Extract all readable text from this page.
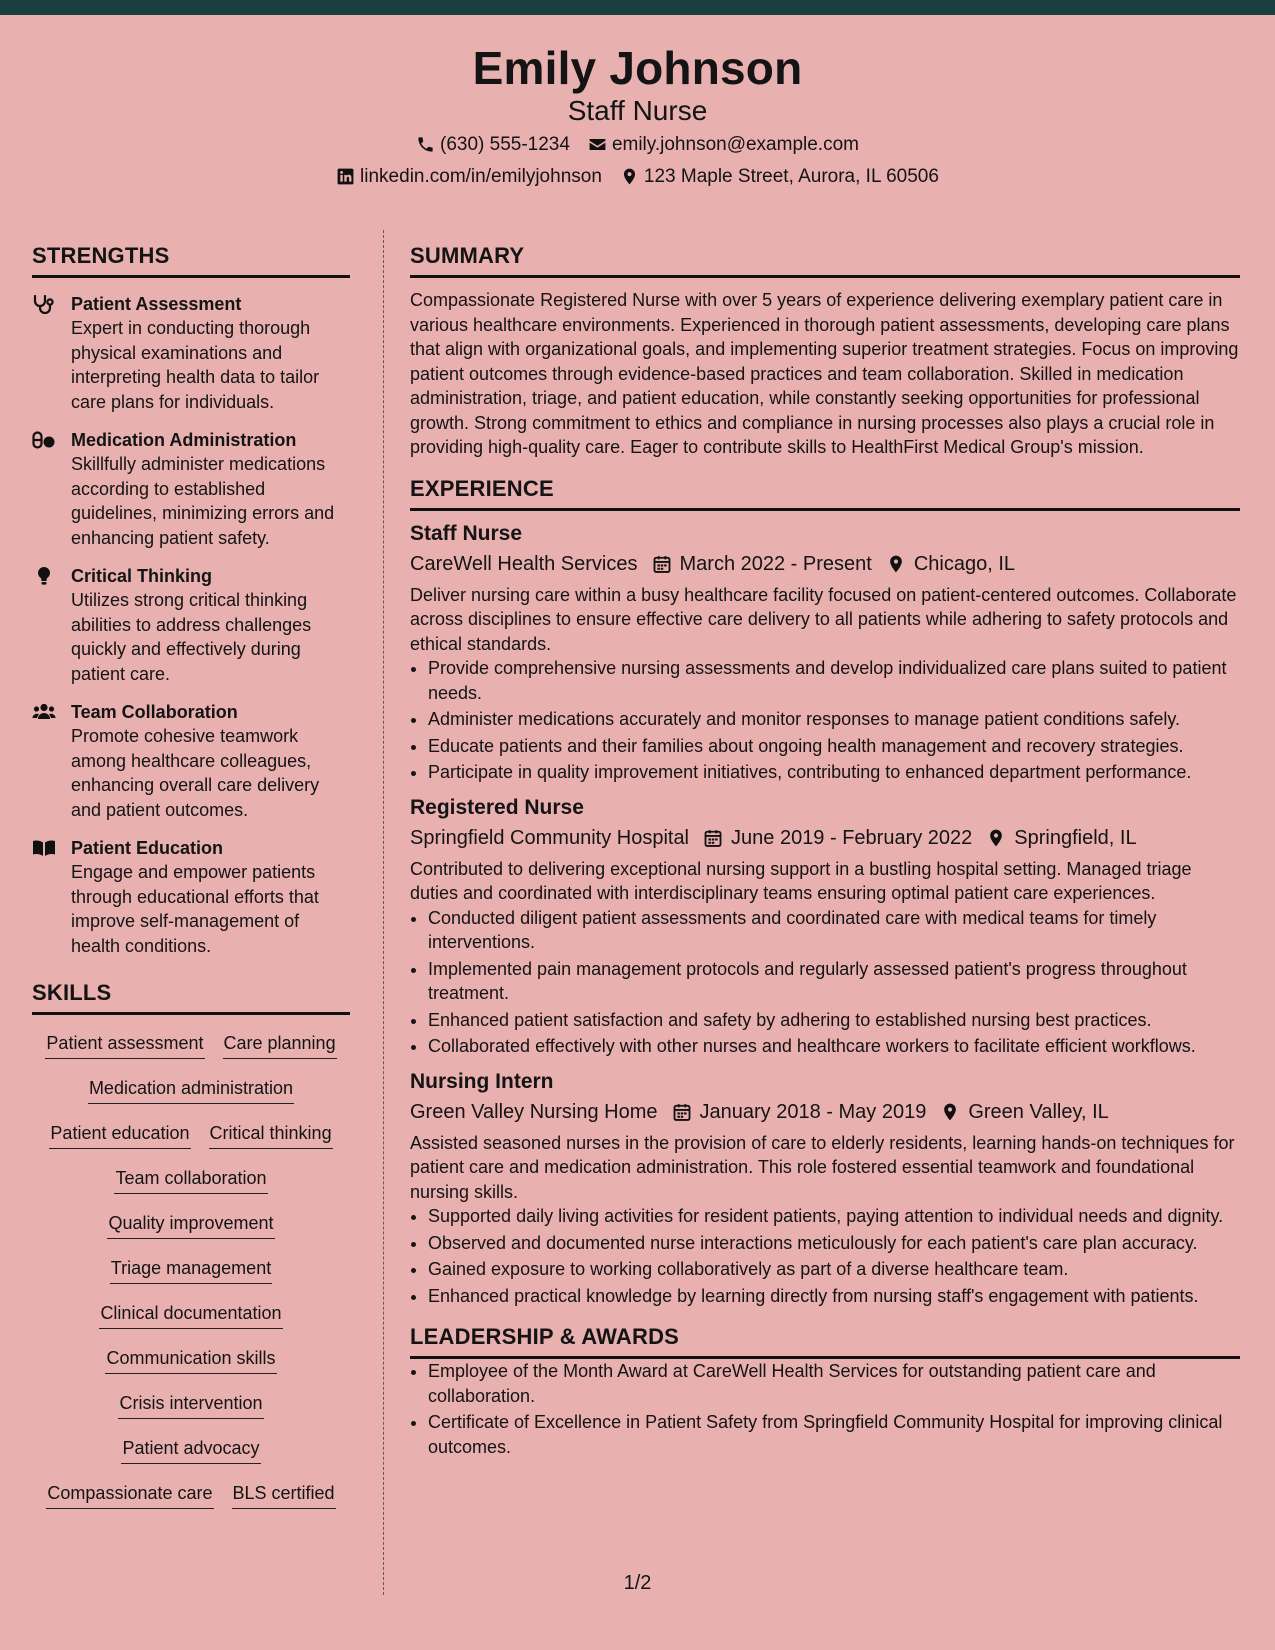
Emily Johnson
Staff Nurse
(630) 555-1234 emily.johnson@example.com
linkedin.com/in/emilyjohnson 123 Maple Street, Aurora, IL 60506
STRENGTHS
Patient Assessment
Expert in conducting thorough physical examinations and interpreting health data to tailor care plans for individuals.
Medication Administration
Skillfully administer medications according to established guidelines, minimizing errors and enhancing patient safety.
Critical Thinking
Utilizes strong critical thinking abilities to address challenges quickly and effectively during patient care.
Team Collaboration
Promote cohesive teamwork among healthcare colleagues, enhancing overall care delivery and patient outcomes.
Patient Education
Engage and empower patients through educational efforts that improve self-management of health conditions.
SKILLS
Patient assessment Care planning
Medication administration
Patient education Critical thinking
Team collaboration
Quality improvement
Triage management
Clinical documentation
Communication skills
Crisis intervention
Patient advocacy
Compassionate care BLS certified
SUMMARY

Compassionate Registered Nurse with over 5 years of experience delivering exemplary patient care in various healthcare environments. Experienced in thorough patient assessments, developing care plans that align with organizational goals, and implementing superior treatment strategies. Focus on improving patient outcomes through evidence-based practices and team collaboration. Skilled in medication administration, triage, and patient education, while constantly seeking opportunities for professional growth. Strong commitment to ethics and compliance in nursing processes also plays a crucial role in providing high-quality care. Eager to contribute skills to HealthFirst Medical Group's mission.

EXPERIENCE
Staff Nurse
CareWell Health Services March 2022 - Present Chicago, IL

Deliver nursing care within a busy healthcare facility focused on patient-centered outcomes. Collaborate across disciplines to ensure effective care delivery to all patients while adhering to safety protocols and ethical standards.

• Provide comprehensive nursing assessments and develop individualized care plans suited to patient needs.
• Administer medications accurately and monitor responses to manage patient conditions safely.
• Educate patients and their families about ongoing health management and recovery strategies.
• Participate in quality improvement initiatives, contributing to enhanced department performance.
Registered Nurse
Springfield Community Hospital June 2019 - February 2022 Springfield, IL

Contributed to delivering exceptional nursing support in a bustling hospital setting. Managed triage duties and coordinated with interdisciplinary teams ensuring optimal patient care experiences.

• Conducted diligent patient assessments and coordinated care with medical teams for timely interventions.
• Implemented pain management protocols and regularly assessed patient's progress throughout treatment.
• Enhanced patient satisfaction and safety by adhering to established nursing best practices.
• Collaborated effectively with other nurses and healthcare workers to facilitate efficient workflows.
Nursing Intern
Green Valley Nursing Home January 2018 - May 2019 Green Valley, IL

Assisted seasoned nurses in the provision of care to elderly residents, learning hands-on techniques for patient care and medication administration. This role fostered essential teamwork and foundational nursing skills.

• Supported daily living activities for resident patients, paying attention to individual needs and dignity.
• Observed and documented nurse interactions meticulously for each patient's care plan accuracy.
• Gained exposure to working collaboratively as part of a diverse healthcare team.
• Enhanced practical knowledge by learning directly from nursing staff's engagement with patients.
LEADERSHIP & AWARDS
• Employee of the Month Award at CareWell Health Services for outstanding patient care and collaboration.
• Certificate of Excellence in Patient Safety from Springfield Community Hospital for improving clinical outcomes.
1/2
